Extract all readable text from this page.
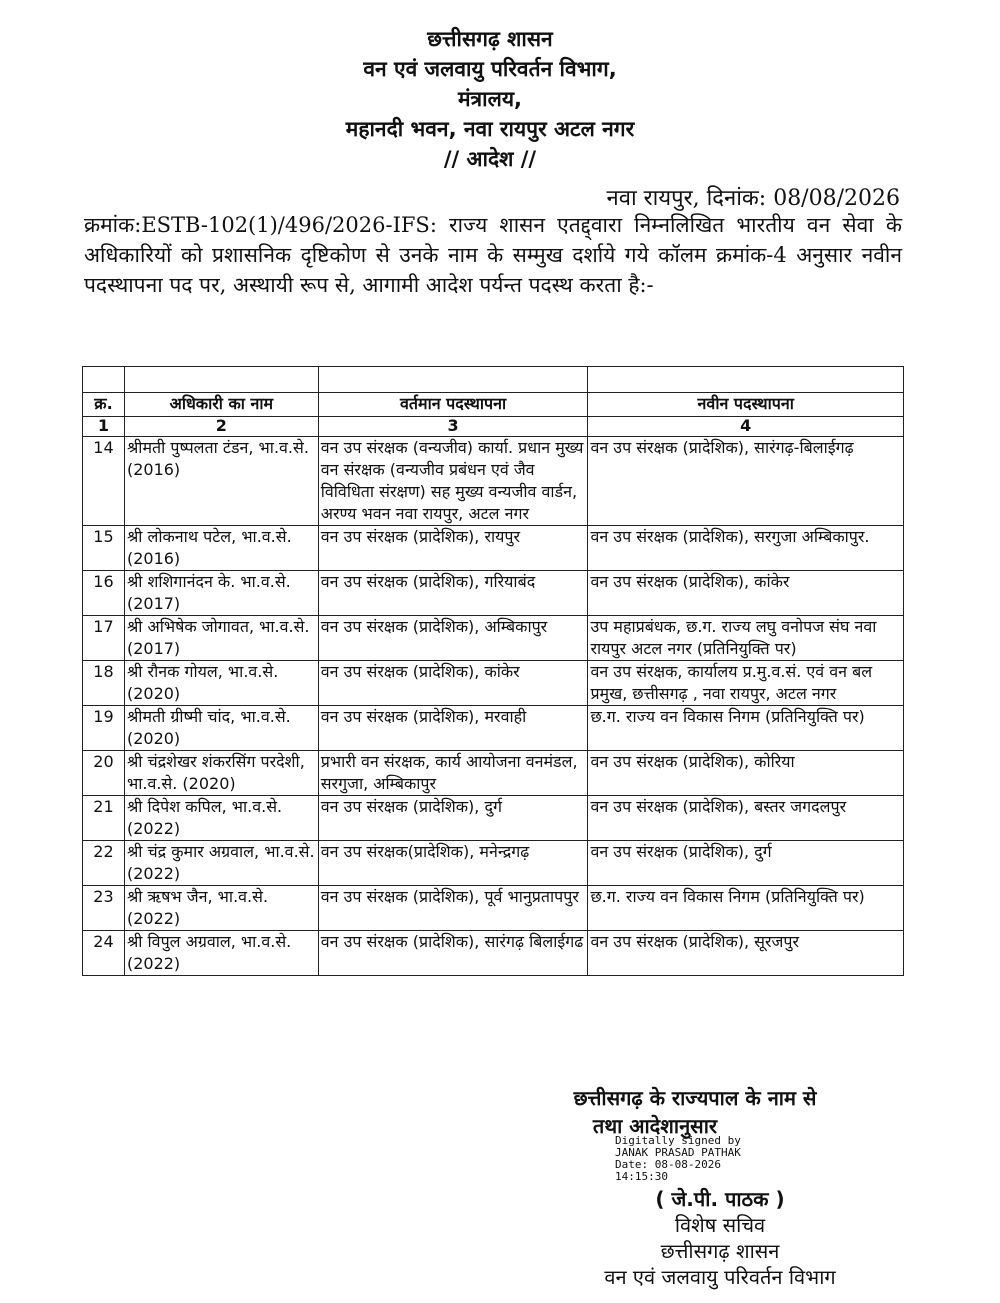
छत्तीसगढ़ शासन
वन एवं जलवायु परिवर्तन विभाग,
मंत्रालय,
महानदी भवन, नवा रायपुर अटल नगर
// आदेश //
नवा रायपुर, दिनांक: 08/08/2026
क्रमांक:ESTB-102(1)/496/2026-IFS: राज्य शासन एतद्द्वारा निम्नलिखित भारतीय वन सेवा के अधिकारियों को प्रशासनिक दृष्टिकोण से उनके नाम के सम्मुख दर्शाये गये कॉलम क्रमांक-4 अनुसार नवीन पदस्थापना पद पर, अस्थायी रूप से, आगामी आदेश पर्यन्त पदस्थ करता है:-

क्र.	अधिकारी का नाम	वर्तमान पदस्थापना	नवीन पदस्थापना
1	2	3	4
14	श्रीमती पुष्पलता टंडन, भा.व.से. (2016)	वन उप संरक्षक (वन्यजीव) कार्या. प्रधान मुख्य वन संरक्षक (वन्यजीव प्रबंधन एवं जैव विविधिता संरक्षण) सह मुख्य वन्यजीव वार्डन, अरण्य भवन नवा रायपुर, अटल नगर	वन उप संरक्षक (प्रादेशिक), सारंगढ़-बिलाईगढ़
15	श्री लोकनाथ पटेल, भा.व.से. (2016)	वन उप संरक्षक (प्रादेशिक), रायपुर	वन उप संरक्षक (प्रादेशिक), सरगुजा अम्बिकापुर.
16	श्री शशिगानंदन के. भा.व.से. (2017)	वन उप संरक्षक (प्रादेशिक), गरियाबंद	वन उप संरक्षक (प्रादेशिक), कांकेर
17	श्री अभिषेक जोगावत, भा.व.से. (2017)	वन उप संरक्षक (प्रादेशिक), अम्बिकापुर	उप महाप्रबंधक, छ.ग. राज्य लघु वनोपज संघ नवा रायपुर अटल नगर (प्रतिनियुक्ति पर)
18	श्री रौनक गोयल, भा.व.से. (2020)	वन उप संरक्षक (प्रादेशिक), कांकेर	वन उप संरक्षक, कार्यालय प्र.मु.व.सं. एवं वन बल प्रमुख, छत्तीसगढ़ , नवा रायपुर, अटल नगर
19	श्रीमती ग्रीष्मी चांद, भा.व.से. (2020)	वन उप संरक्षक (प्रादेशिक), मरवाही	छ.ग. राज्य वन विकास निगम (प्रतिनियुक्ति पर)
20	श्री चंद्रशेखर शंकरसिंग परदेशी, भा.व.से. (2020)	प्रभारी वन संरक्षक, कार्य आयोजना वनमंडल, सरगुजा, अम्बिकापुर	वन उप संरक्षक (प्रादेशिक), कोरिया
21	श्री दिपेश कपिल, भा.व.से. (2022)	वन उप संरक्षक (प्रादेशिक), दुर्ग	वन उप संरक्षक (प्रादेशिक), बस्तर जगदलपुर
22	श्री चंद्र कुमार अग्रवाल, भा.व.से. (2022)	वन उप संरक्षक(प्रादेशिक), मनेन्द्रगढ़	वन उप संरक्षक (प्रादेशिक), दुर्ग
23	श्री ऋषभ जैन, भा.व.से. (2022)	वन उप संरक्षक (प्रादेशिक), पूर्व भानुप्रतापपुर	छ.ग. राज्य वन विकास निगम (प्रतिनियुक्ति पर)
24	श्री विपुल अग्रवाल, भा.व.से. (2022)	वन उप संरक्षक (प्रादेशिक), सारंगढ़ बिलाईगढ	वन उप संरक्षक (प्रादेशिक), सूरजपुर
छत्तीसगढ़ के राज्यपाल के नाम से
तथा आदेशानुसार
Digitally signed by
JANAK PRASAD PATHAK
Date: 08-08-2026
14:15:30
( जे.पी. पाठक )
विशेष सचिव
छत्तीसगढ़ शासन
वन एवं जलवायु परिवर्तन विभाग
